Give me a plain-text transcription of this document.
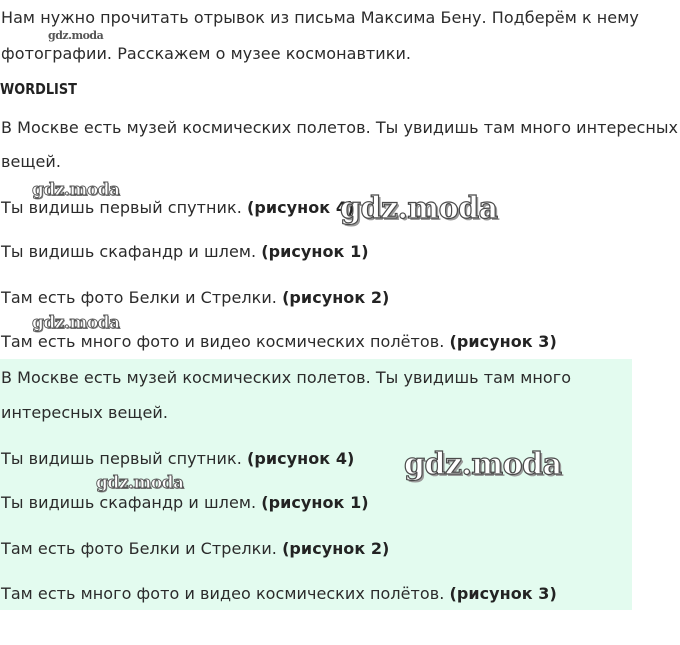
Нам нужно прочитать отрывок из письма Максима Бену. Подберём к нему
фотографии. Расскажем о музее космонавтики.
WORDLIST
В Москве есть музей космических полетов. Ты увидишь там много интересных
вещей.
Ты видишь первый спутник. (рисунок 4)
Ты видишь скафандр и шлем. (рисунок 1)
Там есть фото Белки и Стрелки. (рисунок 2)
Там есть много фото и видео космических полётов. (рисунок 3)
В Москве есть музей космических полетов. Ты увидишь там много
интересных вещей.
Ты видишь первый спутник. (рисунок 4)
Ты видишь скафандр и шлем. (рисунок 1)
Там есть фото Белки и Стрелки. (рисунок 2)
Там есть много фото и видео космических полётов. (рисунок 3)
gdz.moda
gdz.moda
gdz.moda
gdz.moda
gdz.moda
gdz.moda
